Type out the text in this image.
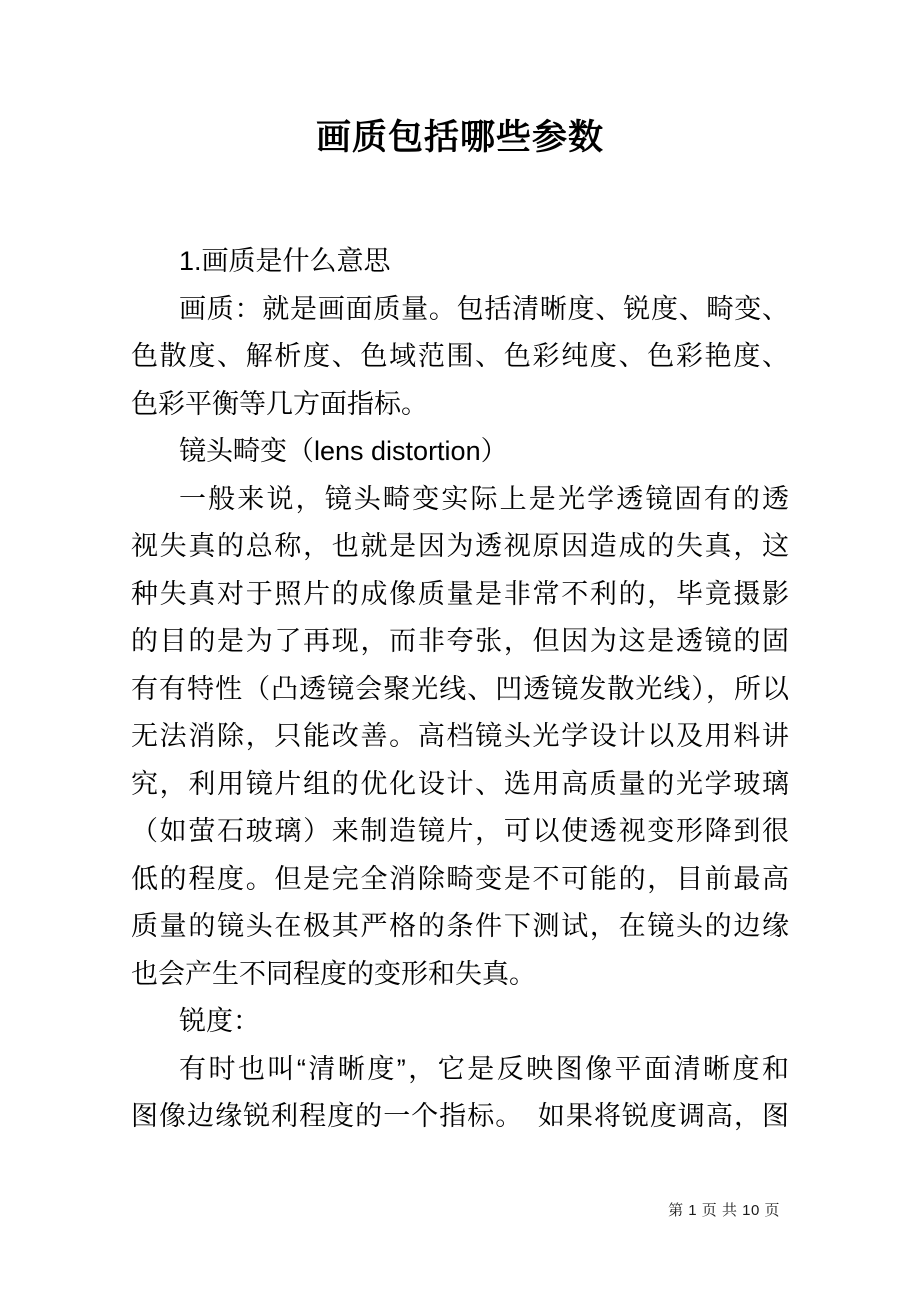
画质包括哪些参数
1.画质是什么意思
画质：就是画面质量。包括清晰度、锐度、畸变、
色散度、解析度、色域范围、色彩纯度、色彩艳度、
色彩平衡等几方面指标。
镜头畸变（lens distortion）
一般来说，镜头畸变实际上是光学透镜固有的透
视失真的总称，也就是因为透视原因造成的失真，这
种失真对于照片的成像质量是非常不利的，毕竟摄影
的目的是为了再现，而非夸张，但因为这是透镜的固
有有特性（凸透镜会聚光线、凹透镜发散光线），所以
无法消除，只能改善。高档镜头光学设计以及用料讲
究，利用镜片组的优化设计、选用高质量的光学玻璃
（如萤石玻璃）来制造镜片，可以使透视变形降到很
低的程度。但是完全消除畸变是不可能的，目前最高
质量的镜头在极其严格的条件下测试，在镜头的边缘
也会产生不同程度的变形和失真。
锐度：
有时也叫“清晰度”，它是反映图像平面清晰度和
图像边缘锐利程度的一个指标。　如果将锐度调高，图
第 1 页 共 10 页
